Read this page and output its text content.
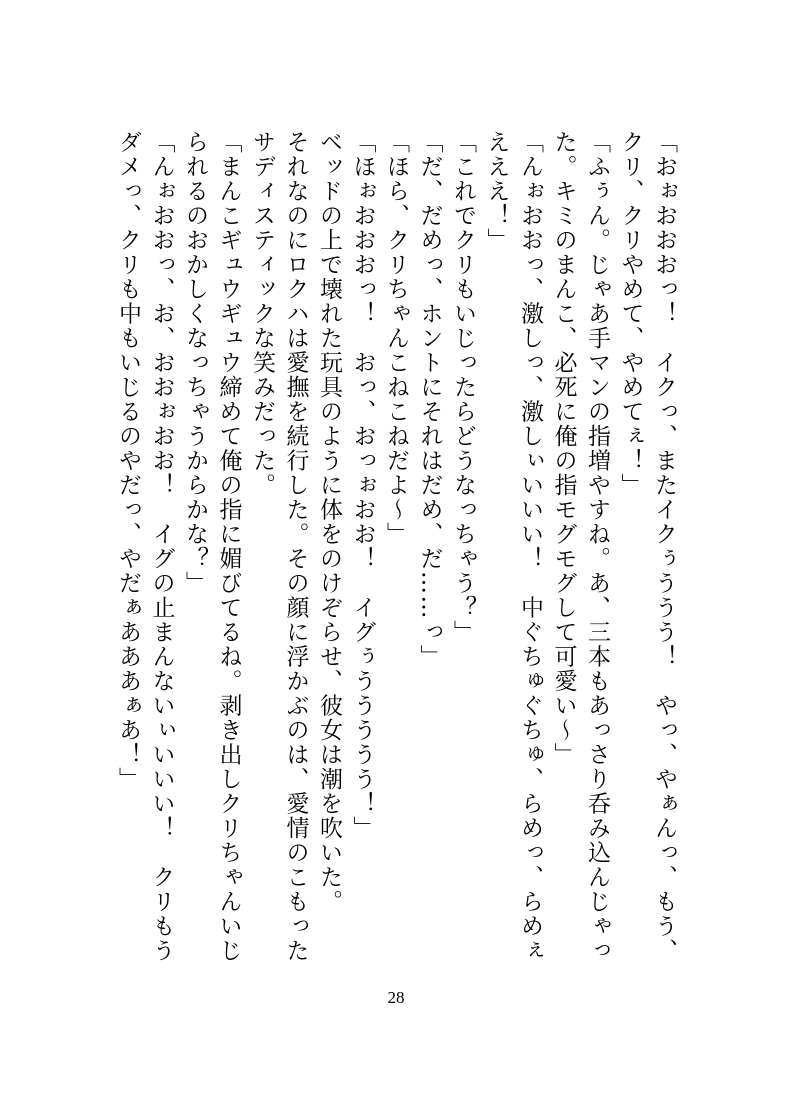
「おぉおおおっ！　イクっ、またイクぅううう！　やっ、やぁんっ、もう、クリ、クリやめて、やめてぇ！」

「ふぅん。じゃあ手マンの指増やすね。あ、三本もあっさり呑み込んじゃった。キミのまんこ、必死に俺の指モグモグして可愛い〜」

「んぉおおっ、激しっ、激しぃいいい！　中ぐちゅぐちゅ、らめっ、らめぇえええ！」

「これでクリもいじったらどうなっちゃう？」

「だ、だめっ、ホントにそれはだめ、だ……っ」

「ほら、クリちゃんこねこねだよ〜」

「ほぉおおおっ！　おっ、おっぉおお！　イグぅううううう！」

ベッドの上で壊れた玩具のように体をのけぞらせ、彼女は潮を吹いた。

それなのにロクハは愛撫を続行した。その顔に浮かぶのは、愛情のこもったサディスティックな笑みだった。

「まんこギュウギュウ締めて俺の指に媚びてるね。剥き出しクリちゃんいじられるのおかしくなっちゃうからかな？」

「んぉおおっ、お、おおぉおお！　イグの止まんないぃいいい！　クリもうダメっ、クリも中もいじるのやだっ、やだぁあああぁあ！」

28
